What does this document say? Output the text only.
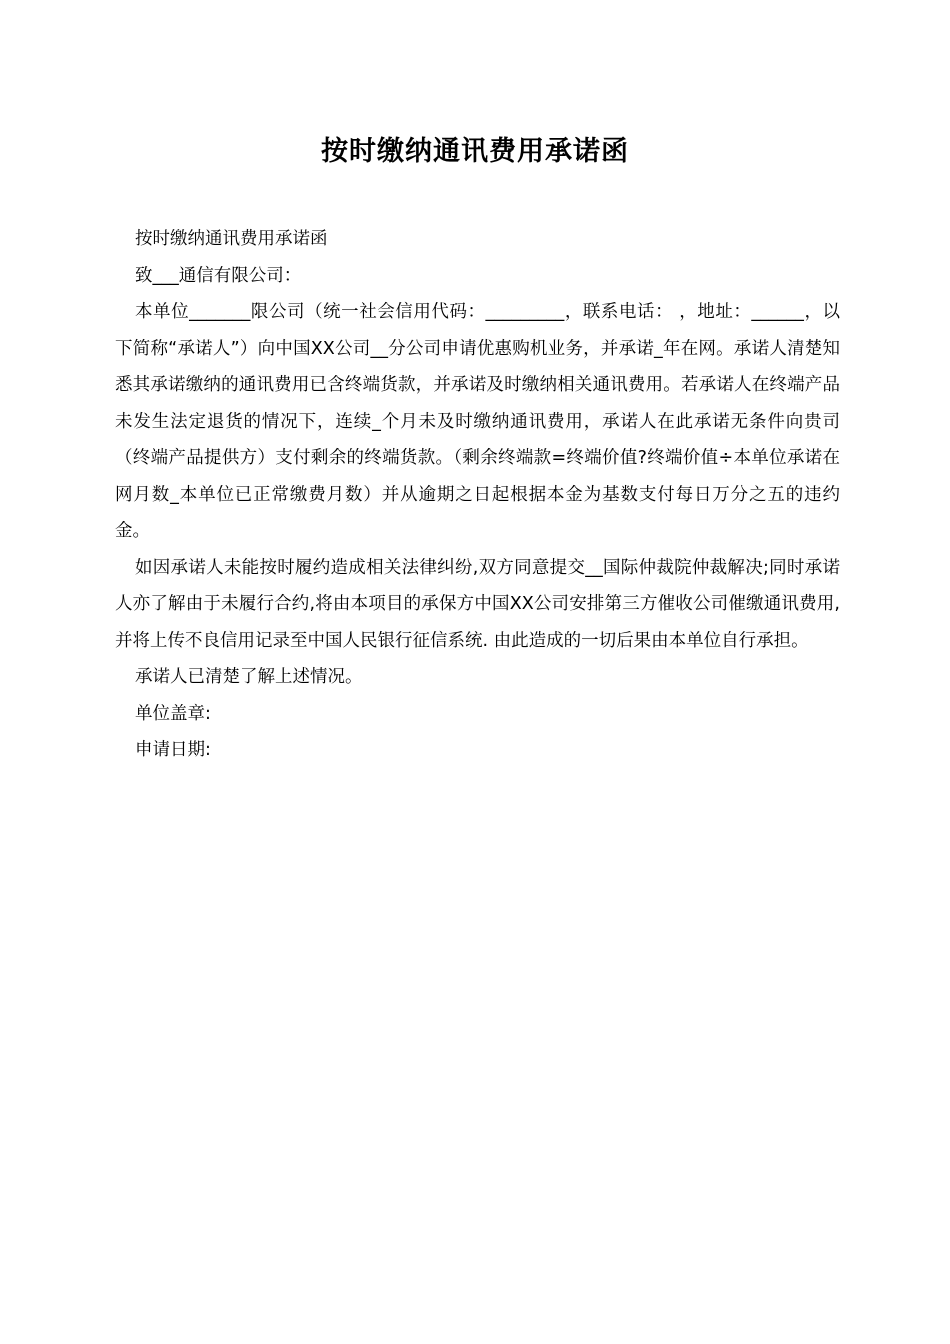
按时缴纳通讯费用承诺函

按时缴纳通讯费用承诺函

致___通信有限公司：

本单位_______限公司（统一社会信用代码：_________，联系电话： ，地址：______，以下简称“承诺人”）向中国XX公司__分公司申请优惠购机业务，并承诺_年在网。承诺人清楚知悉其承诺缴纳的通讯费用已含终端货款，并承诺及时缴纳相关通讯费用。若承诺人在终端产品未发生法定退货的情况下，连续_个月未及时缴纳通讯费用，承诺人在此承诺无条件向贵司（终端产品提供方）支付剩余的终端货款。（剩余终端款=终端价值?终端价值÷本单位承诺在网月数_本单位已正常缴费月数）并从逾期之日起根据本金为基数支付每日万分之五的违约金。

如因承诺人未能按时履约造成相关法律纠纷,双方同意提交__国际仲裁院仲裁解决;同时承诺人亦了解由于未履行合约,将由本项目的承保方中国XX公司安排第三方催收公司催缴通讯费用,并将上传不良信用记录至中国人民银行征信系统. 由此造成的一切后果由本单位自行承担。

承诺人已清楚了解上述情况。

单位盖章:

申请日期:
